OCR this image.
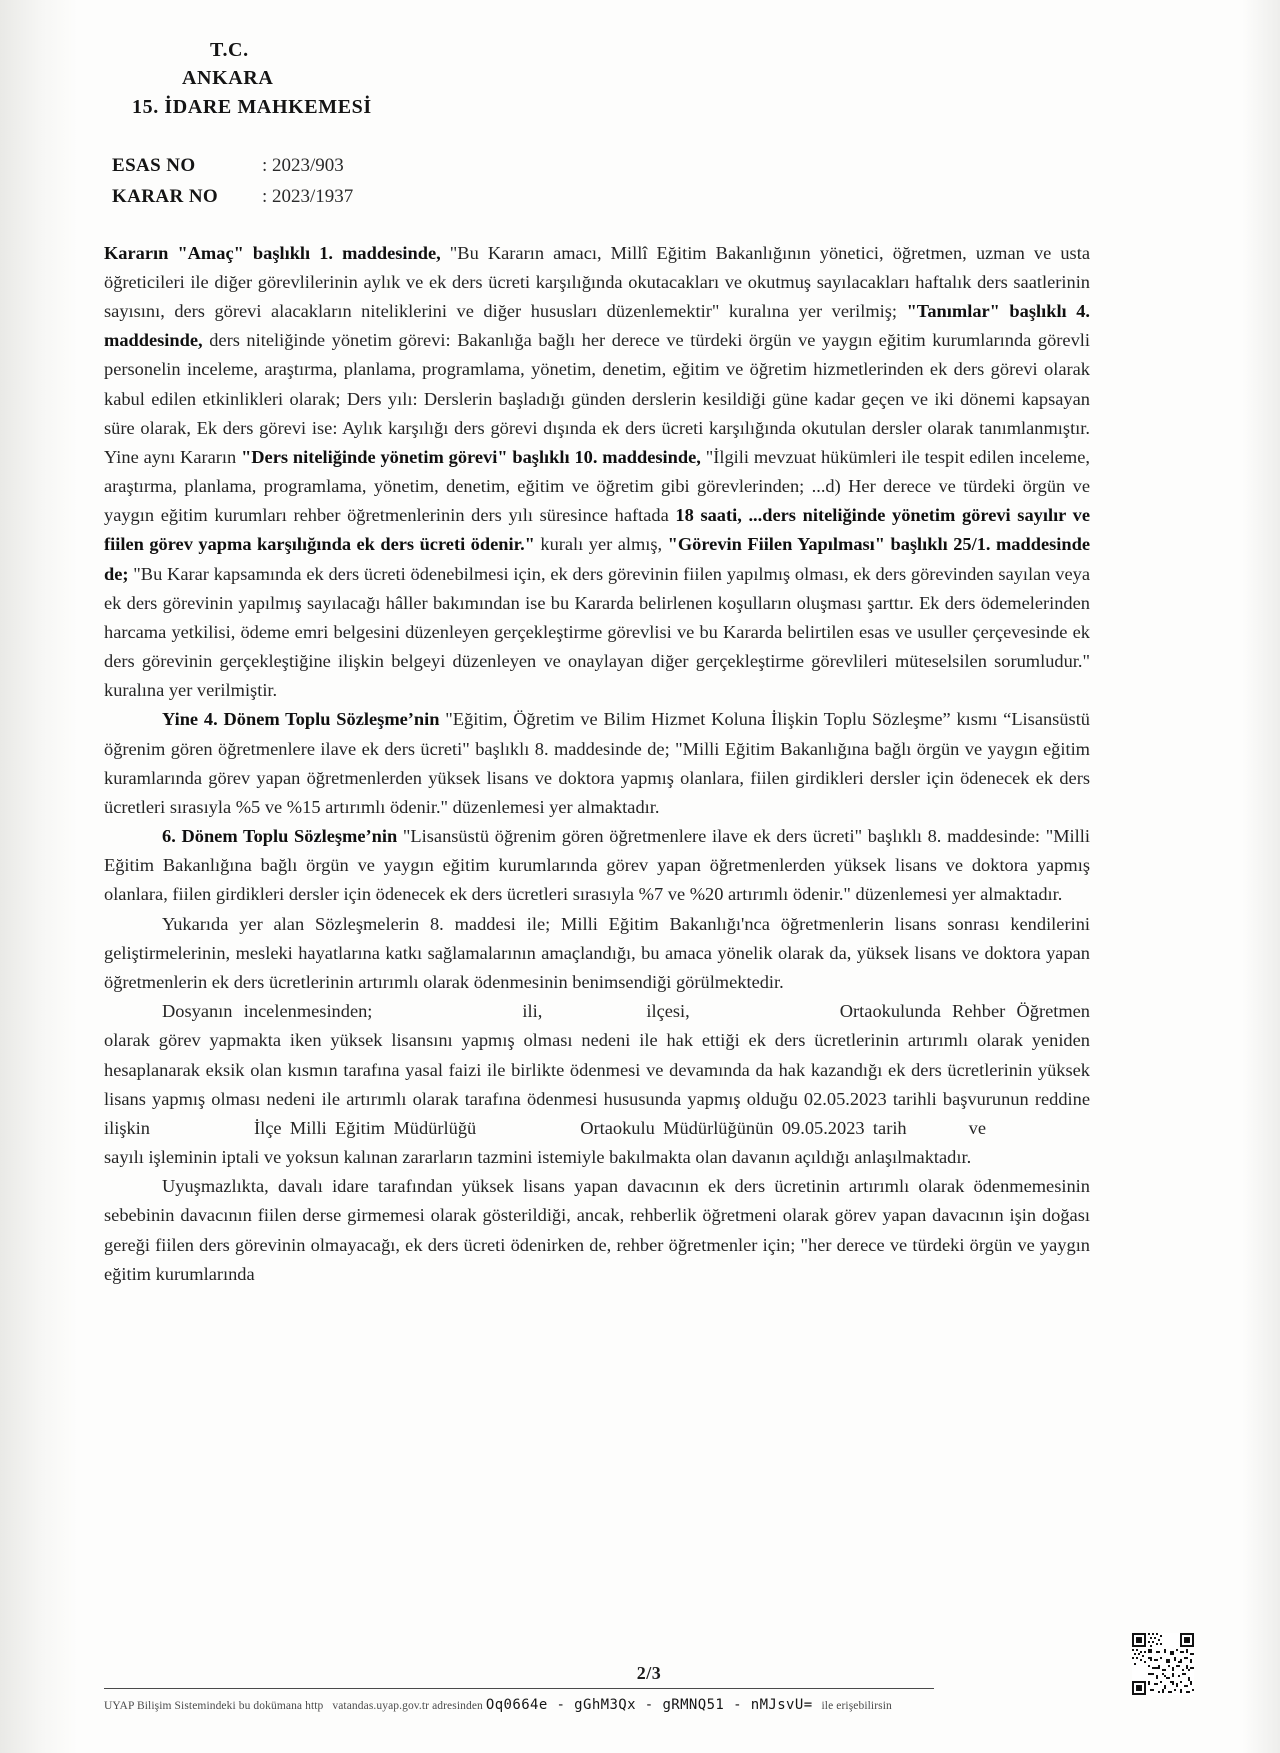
T.C.
ANKARA
15. İDARE MAHKEMESİ
ESAS NO	: 2023/903
KARAR NO	: 2023/1937

Kararın "Amaç" başlıklı 1. maddesinde, "Bu Kararın amacı, Millî Eğitim Bakanlığının yönetici, öğretmen, uzman ve usta öğreticileri ile diğer görevlilerinin aylık ve ek ders ücreti karşılığında okutacakları ve okutmuş sayılacakları haftalık ders saatlerinin sayısını, ders görevi alacakların niteliklerini ve diğer hususları düzenlemektir" kuralına yer verilmiş; "Tanımlar" başlıklı 4. maddesinde, ders niteliğinde yönetim görevi: Bakanlığa bağlı her derece ve türdeki örgün ve yaygın eğitim kurumlarında görevli personelin inceleme, araştırma, planlama, programlama, yönetim, denetim, eğitim ve öğretim hizmetlerinden ek ders görevi olarak kabul edilen etkinlikleri olarak; Ders yılı: Derslerin başladığı günden derslerin kesildiği güne kadar geçen ve iki dönemi kapsayan süre olarak, Ek ders görevi ise: Aylık karşılığı ders görevi dışında ek ders ücreti karşılığında okutulan dersler olarak tanımlanmıştır. Yine aynı Kararın "Ders niteliğinde yönetim görevi" başlıklı 10. maddesinde, "İlgili mevzuat hükümleri ile tespit edilen inceleme, araştırma, planlama, programlama, yönetim, denetim, eğitim ve öğretim gibi görevlerinden; ...d) Her derece ve türdeki örgün ve yaygın eğitim kurumları rehber öğretmenlerinin ders yılı süresince haftada 18 saati, ...ders niteliğinde yönetim görevi sayılır ve fiilen görev yapma karşılığında ek ders ücreti ödenir." kuralı yer almış, "Görevin Fiilen Yapılması" başlıklı 25/1. maddesinde de; "Bu Karar kapsamında ek ders ücreti ödenebilmesi için, ek ders görevinin fiilen yapılmış olması, ek ders görevinden sayılan veya ek ders görevinin yapılmış sayılacağı hâller bakımından ise bu Kararda belirlenen koşulların oluşması şarttır. Ek ders ödemelerinden harcama yetkilisi, ödeme emri belgesini düzenleyen gerçekleştirme görevlisi ve bu Kararda belirtilen esas ve usuller çerçevesinde ek ders görevinin gerçekleştiğine ilişkin belgeyi düzenleyen ve onaylayan diğer gerçekleştirme görevlileri müteselsilen sorumludur." kuralına yer verilmiştir.

Yine 4. Dönem Toplu Sözleşme’nin "Eğitim, Öğretim ve Bilim Hizmet Koluna İlişkin Toplu Sözleşme” kısmı “Lisansüstü öğrenim gören öğretmenlere ilave ek ders ücreti" başlıklı 8. maddesinde de; "Milli Eğitim Bakanlığına bağlı örgün ve yaygın eğitim kuramlarında görev yapan öğretmenlerden yüksek lisans ve doktora yapmış olanlara, fiilen girdikleri dersler için ödenecek ek ders ücretleri sırasıyla %5 ve %15 artırımlı ödenir." düzenlemesi yer almaktadır.

6. Dönem Toplu Sözleşme’nin "Lisansüstü öğrenim gören öğretmenlere ilave ek ders ücreti" başlıklı 8. maddesinde: "Milli Eğitim Bakanlığına bağlı örgün ve yaygın eğitim kurumlarında görev yapan öğretmenlerden yüksek lisans ve doktora yapmış olanlara, fiilen girdikleri dersler için ödenecek ek ders ücretleri sırasıyla %7 ve %20 artırımlı ödenir." düzenlemesi yer almaktadır.

Yukarıda yer alan Sözleşmelerin 8. maddesi ile; Milli Eğitim Bakanlığı'nca öğretmenlerin lisans sonrası kendilerini geliştirmelerinin, mesleki hayatlarına katkı sağlamalarının amaçlandığı, bu amaca yönelik olarak da, yüksek lisans ve doktora yapan öğretmenlerin ek ders ücretlerinin artırımlı olarak ödenmesinin benimsendiği görülmektedir.

Dosyanın incelenmesinden;	ili,	ilçesi,	Ortaokulunda Rehber Öğretmen olarak görev yapmakta iken yüksek lisansını yapmış olması nedeni ile hak ettiği ek ders ücretlerinin artırımlı olarak yeniden hesaplanarak eksik olan kısmın tarafına yasal faizi ile birlikte ödenmesi ve devamında da hak kazandığı ek ders ücretlerinin yüksek lisans yapmış olması nedeni ile artırımlı olarak tarafına ödenmesi hususunda yapmış olduğu 02.05.2023 tarihli başvurunun reddine ilişkin	İlçe Milli Eğitim Müdürlüğü	Ortaokulu Müdürlüğünün 09.05.2023 tarih	vesayılı işleminin iptali ve yoksun kalınan zararların tazmini istemiyle bakılmakta olan davanın açıldığı anlaşılmaktadır.

Uyuşmazlıkta, davalı idare tarafından yüksek lisans yapan davacının ek ders ücretinin artırımlı olarak ödenmemesinin sebebinin davacının fiilen derse girmemesi olarak gösterildiği, ancak, rehberlik öğretmeni olarak görev yapan davacının işin doğası gereği fiilen ders görevinin olmayacağı, ek ders ücreti ödenirken de, rehber öğretmenler için; "her derece ve türdeki örgün ve yaygın eğitim kurumlarında

2/3
UYAP Bilişim Sistemindeki bu dokümana http vatandas.uyap.gov.tr adresinden Oq0664e - gGhM3Qx - gRMNQ51 - nMJsvU= ile erişebilirsin
